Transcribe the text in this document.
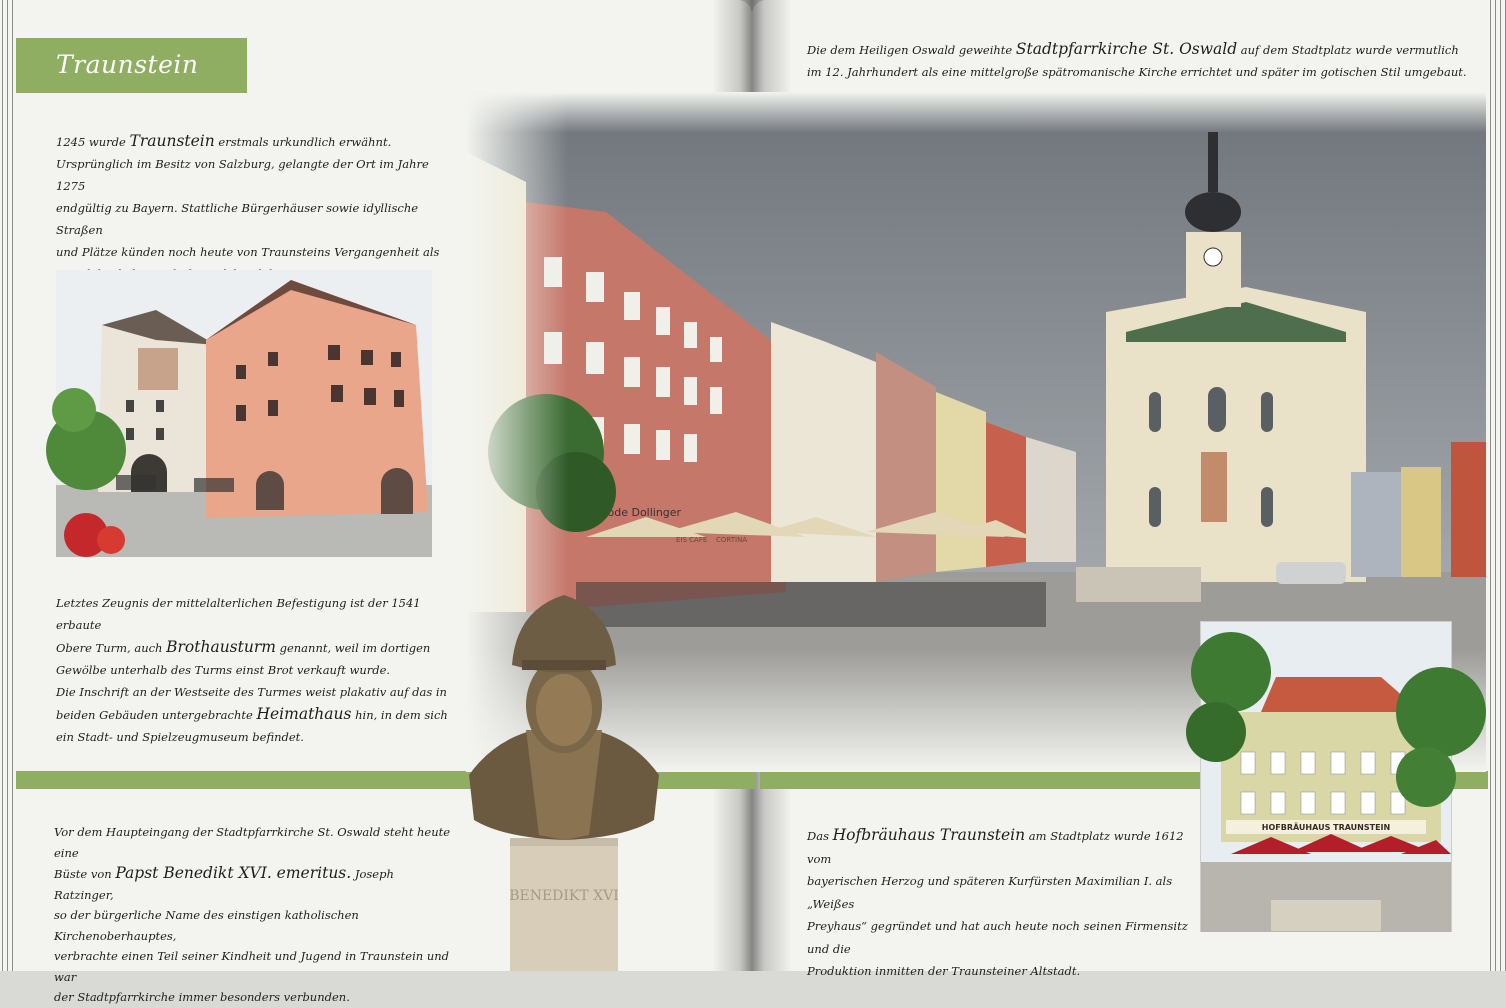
Traunstein
1245 wurde Traunstein erstmals urkundlich erwähnt.
Ursprünglich im Besitz von Salzburg, gelangte der Ort im Jahre 1275
endgültig zu Bayern. Stattliche Bürgerhäuser sowie idyllische Straßen
und Plätze künden noch heute von Traunsteins Vergangenheit als
Letztes Zeugnis der mittelalterlichen Befestigung ist der 1541 erbaute
Obere Turm, auch Brothausturm genannt, weil im dortigen
Gewölbe unterhalb des Turms einst Brot verkauft wurde.
Die Inschrift an der Westseite des Turmes weist plakativ auf das in
beiden Gebäuden untergebrachte Heimathaus hin, in dem sich
ein Stadt- und Spielzeugmuseum befindet.
Vor dem Haupteingang der Stadtpfarrkirche St. Oswald steht heute eine
Büste von Papst Benedikt XVI. emeritus. Joseph Ratzinger,
so der bürgerliche Name des einstigen katholischen Kirchenoberhauptes,
verbrachte einen Teil seiner Kindheit und Jugend in Traunstein und war
der Stadtpfarrkirche immer besonders verbunden.
Die dem Heiligen Oswald geweihte Stadtpfarrkirche St. Oswald auf dem Stadtplatz wurde vermutlich
im 12. Jahrhundert als eine mittelgroße spätromanische Kirche errichtet und später im gotischen Stil umgebaut.
BENEDIKT XVI
HOFBRÄUHAUS TRAUNSTEIN
Das Hofbräuhaus Traunstein am Stadtplatz wurde 1612 vom
bayerischen Herzog und späteren Kurfürsten Maximilian I. als „Weißes
Preyhaus“ gegründet und hat auch heute noch seinen Firmensitz und die
Produktion inmitten der Traunsteiner Altstadt.
